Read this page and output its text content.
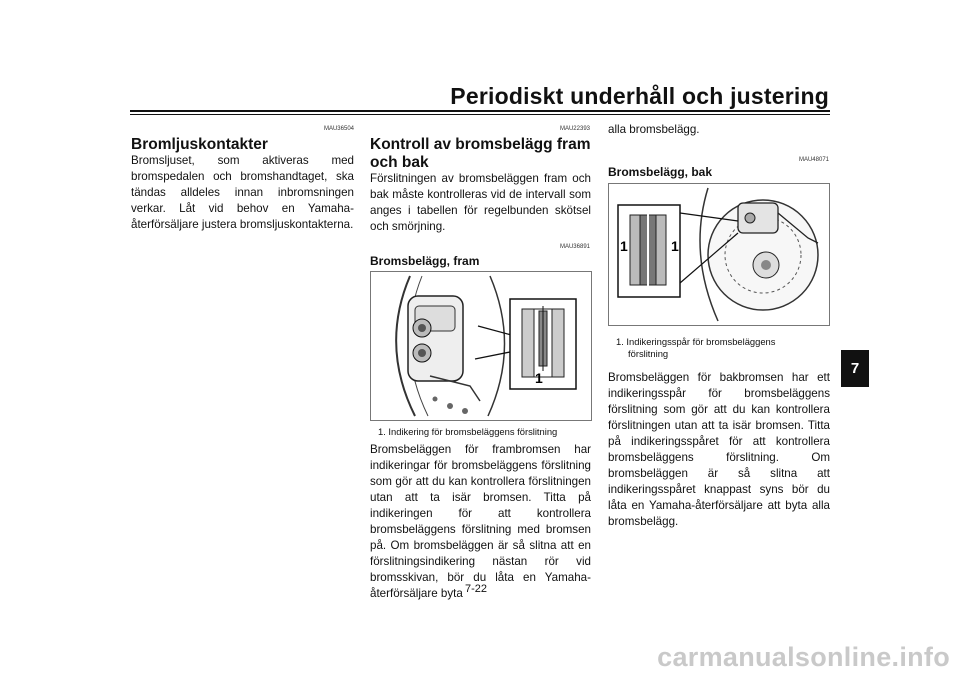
Periodiskt underhåll och justering
7
MAU36504
Bromljuskontakter
Bromsljuset, som aktiveras med bromspedalen och bromshandtaget, ska tändas alldeles innan inbromsningen verkar. Låt vid behov en Yamaha-återförsäljare justera bromsljuskontakterna.
MAU22393
Kontroll av bromsbelägg fram
och bak
Förslitningen av bromsbeläggen fram och bak måste kontrolleras vid de intervall som anges i tabellen för regelbunden skötsel och smörjning.
MAU36891
Bromsbelägg, fram
1
1. Indikering för bromsbeläggens förslitning
Bromsbeläggen för frambromsen har indikeringar för bromsbeläggens förslitning som gör att du kan kontrollera förslitningen utan att ta isär bromsen. Titta på indikeringen för att kontrollera bromsbeläggens förslitning med bromsen på. Om bromsbeläggen är så slitna att en förslitningsindikering nästan rör vid bromsskivan, bör du låta en Yamaha-återförsäljare byta
alla bromsbelägg.
MAU48071
Bromsbelägg, bak
1	1
1. Indikeringsspår för bromsbeläggens
förslitning
Bromsbeläggen för bakbromsen har ett indikeringsspår för bromsbeläggens förslitning som gör att du kan kontrollera förslitningen utan att ta isär bromsen. Titta på indikeringsspåret för att kontrollera bromsbeläggens förslitning. Om bromsbeläggen är så slitna att indikeringsspåret knappast syns bör du låta en Yamaha-återförsäljare att byta alla bromsbelägg.
7-22
carmanualsonline.info
